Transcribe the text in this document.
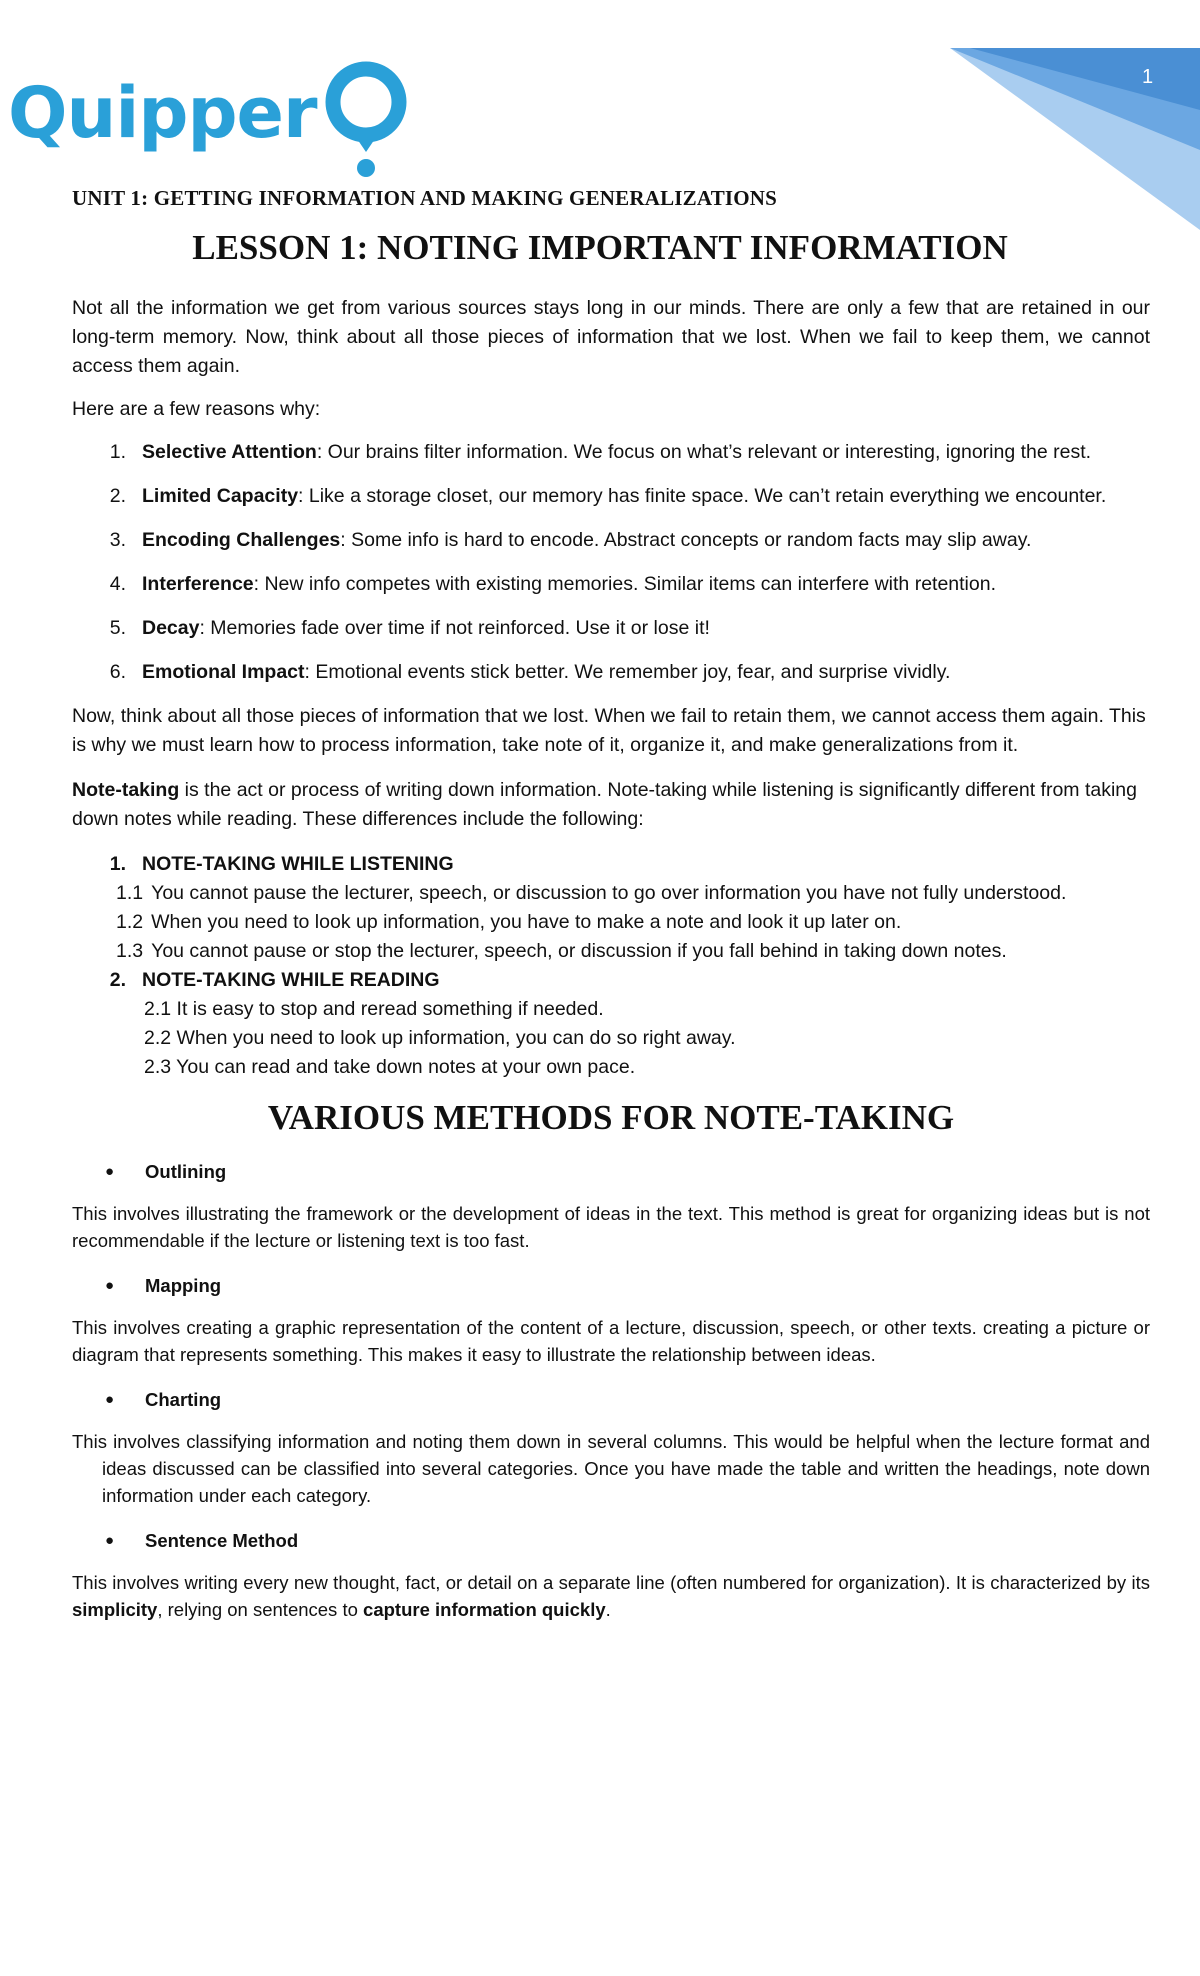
1
Quipper
UNIT 1: GETTING INFORMATION AND MAKING GENERALIZATIONS
LESSON 1: NOTING IMPORTANT INFORMATION

Not all the information we get from various sources stays long in our minds. There are only a few that are retained in our long-term memory. Now, think about all those pieces of information that we lost. When we fail to keep them, we cannot access them again.

Here are a few reasons why:

1. Selective Attention: Our brains filter information. We focus on what’s relevant or interesting, ignoring the rest.
2. Limited Capacity: Like a storage closet, our memory has finite space. We can’t retain everything we encounter.
3. Encoding Challenges: Some info is hard to encode. Abstract concepts or random facts may slip away.
4. Interference: New info competes with existing memories. Similar items can interfere with retention.
5. Decay: Memories fade over time if not reinforced. Use it or lose it!
6. Emotional Impact: Emotional events stick better. We remember joy, fear, and surprise vividly.

Now, think about all those pieces of information that we lost. When we fail to retain them, we cannot access them again. This is why we must learn how to process information, take note of it, organize it, and make generalizations from it.

Note-taking is the act or process of writing down information. Note-taking while listening is significantly different from taking down notes while reading. These differences include the following:

1. NOTE-TAKING WHILE LISTENING
1.1 You cannot pause the lecturer, speech, or discussion to go over information you have not fully understood.
1.2 When you need to look up information, you have to make a note and look it up later on.
1.3 You cannot pause or stop the lecturer, speech, or discussion if you fall behind in taking down notes.
2. NOTE-TAKING WHILE READING
2.1 It is easy to stop and reread something if needed.
2.2 When you need to look up information, you can do so right away.
2.3 You can read and take down notes at your own pace.
VARIOUS METHODS FOR NOTE-TAKING
●	Outlining

This involves illustrating the framework or the development of ideas in the text. This method is great for organizing ideas but is not recommendable if the lecture or listening text is too fast.

●	Mapping

This involves creating a graphic representation of the content of a lecture, discussion, speech, or other texts. creating a picture or diagram that represents something. This makes it easy to illustrate the relationship between ideas.

●	Charting

This involves classifying information and noting them down in several columns. This would be helpful when the lecture format and ideas discussed can be classified into several categories. Once you have made the table and written the headings, note down information under each category.

●	Sentence Method

This involves writing every new thought, fact, or detail on a separate line (often numbered for organization). It is characterized by its simplicity, relying on sentences to capture information quickly.
